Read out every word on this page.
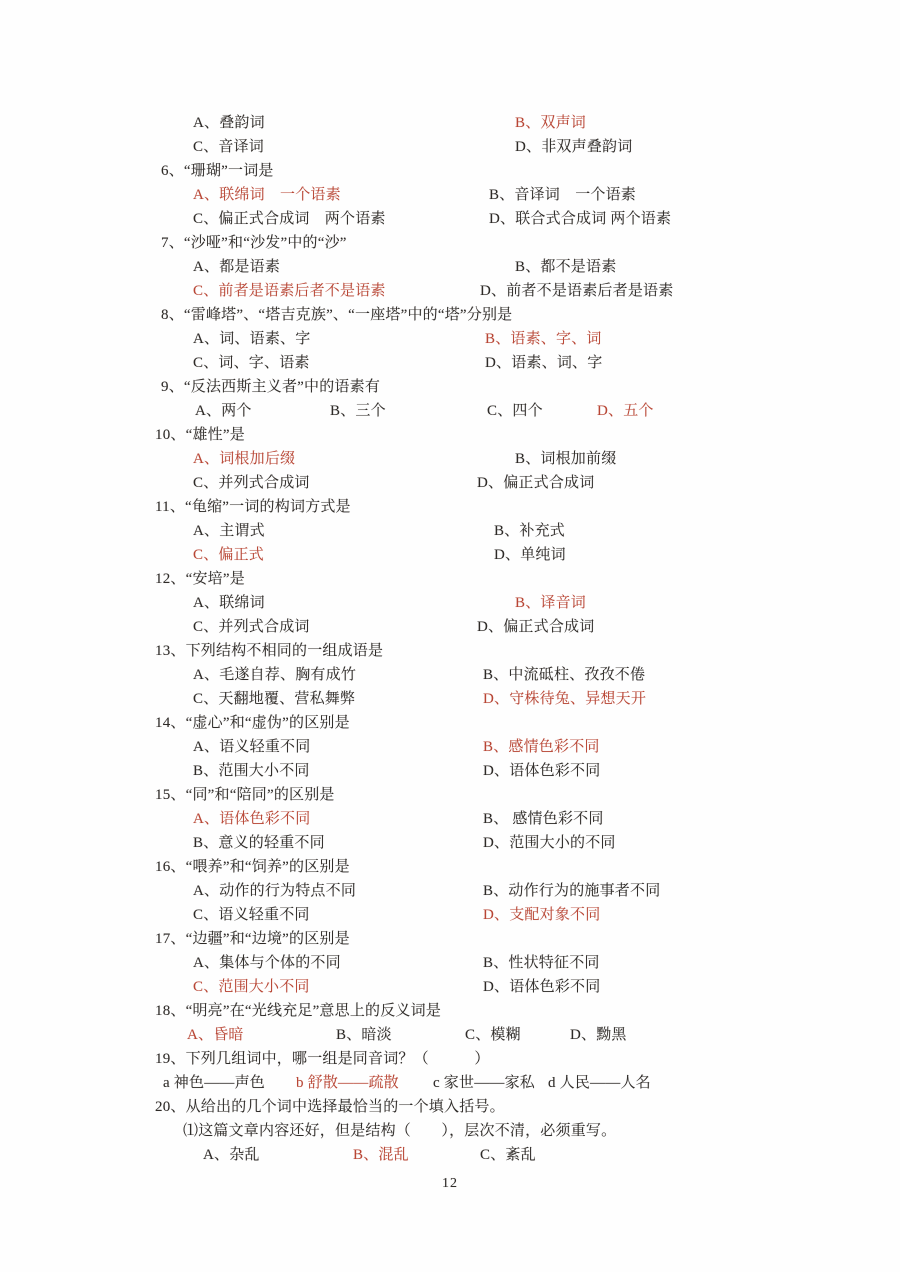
A、叠韵词	B、双声词
C、音译词	D、非双声叠韵词
6、“珊瑚”一词是
A、联绵词　一个语素	B、音译词　一个语素
C、偏正式合成词　两个语素	D、联合式合成词 两个语素
7、“沙哑”和“沙发”中的“沙”
A、都是语素	B、都不是语素
C、前者是语素后者不是语素	D、前者不是语素后者是语素
8、“雷峰塔”、“塔吉克族”、“一座塔”中的“塔”分别是
A、词、语素、字	B、语素、字、词
C、词、字、语素	D、语素、词、字
9、“反法西斯主义者”中的语素有
A、两个	B、三个	C、四个	D、五个
10、“雄性”是
A、词根加后缀	B、词根加前缀
C、并列式合成词	D、偏正式合成词
11、“龟缩”一词的构词方式是
A、主谓式	B、补充式
C、偏正式	D、单纯词
12、“安培”是
A、联绵词	B、译音词
C、并列式合成词	D、偏正式合成词
13、下列结构不相同的一组成语是
A、毛遂自荐、胸有成竹	B、中流砥柱、孜孜不倦
C、天翻地覆、营私舞弊	D、守株待兔、异想天开
14、“虚心”和“虚伪”的区别是
A、语义轻重不同	B、感情色彩不同
B、范围大小不同	D、语体色彩不同
15、“同”和“陪同”的区别是
A、语体色彩不同	B、 感情色彩不同
B、意义的轻重不同	D、范围大小的不同
16、“喂养”和“饲养”的区别是
A、动作的行为特点不同	B、动作行为的施事者不同
C、语义轻重不同	D、支配对象不同
17、“边疆”和“边境”的区别是
A、集体与个体的不同	B、性状特征不同
C、范围大小不同	D、语体色彩不同
18、“明亮”在“光线充足”意思上的反义词是
A、昏暗	B、暗淡	C、模糊	D、黝黑
19、下列几组词中，哪一组是同音词？（　　　）
a 神色——声色 b 舒散——疏散 c 家世——家私 d 人民——人名
20、从给出的几个词中选择最恰当的一个填入括号。
⑴这篇文章内容还好，但是结构（　　），层次不清，必须重写。
A、杂乱	B、混乱	C、紊乱
12
